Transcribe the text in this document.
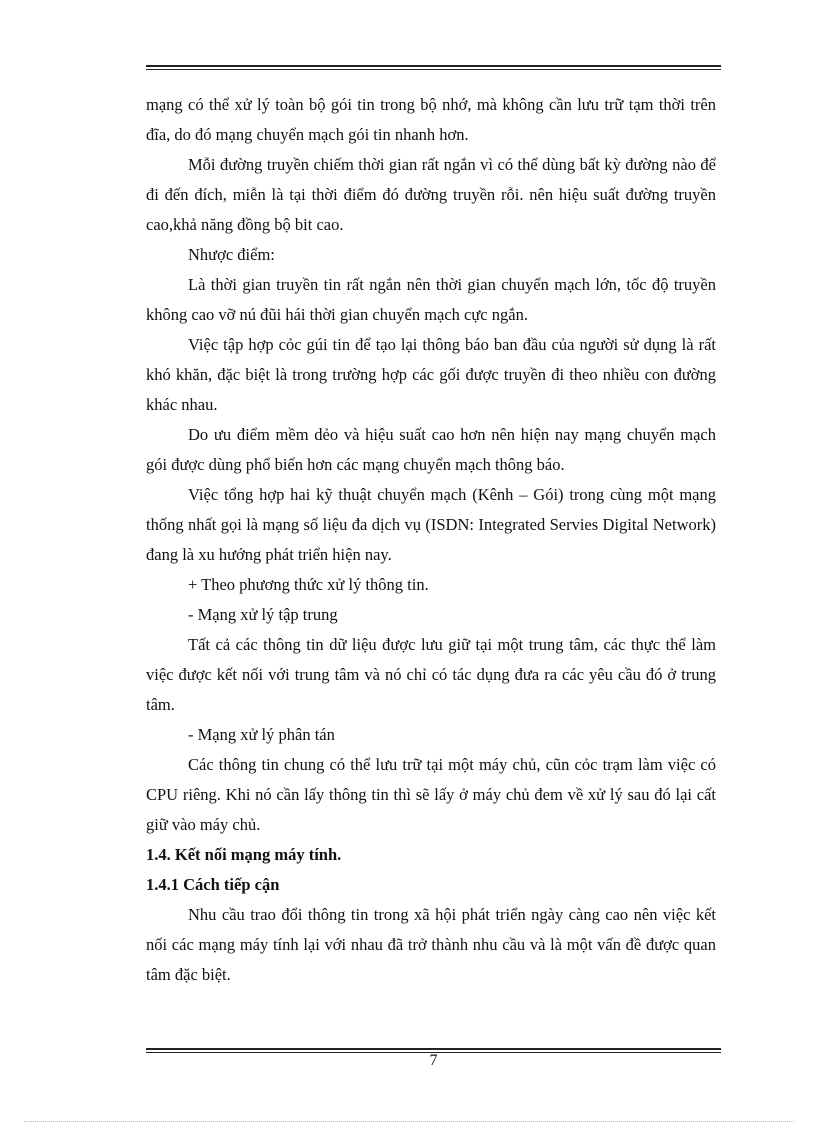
mạng có thể xử lý toàn bộ gói tin trong bộ nhớ, mà không cần lưu trữ tạm thời trên đĩa, do đó mạng chuyển mạch gói tin nhanh hơn.

Mỗi đường truyền chiếm thời gian rất ngắn vì có thể dùng bất kỳ đường nào để đi đến đích, miễn là tại thời điểm đó đường truyền rỗi. nên hiệu suất đường truyền cao,khả năng đồng bộ bit cao.

Nhược điểm:

Là thời gian truyền tin rất ngắn nên thời gian chuyển mạch lớn, tốc độ truyền không cao vỡ nú đũi hái thời gian chuyển mạch cực ngắn.

Việc tập hợp cỏc gúi tin để tạo lại thông báo ban đầu của người sử dụng là rất khó khăn, đặc biệt là trong trường hợp các gối được truyền đi theo nhiều con đường khác nhau.

Do ưu điểm mềm dẻo và hiệu suất cao hơn nên hiện nay mạng chuyển mạch gói được dùng phổ biến hơn các mạng chuyển mạch thông báo.

Việc tổng hợp hai kỹ thuật chuyển mạch (Kênh – Gói) trong cùng một mạng thống nhất gọi là mạng số liệu đa dịch vụ (ISDN: Integrated Servies Digital Network) đang là xu hướng phát triển hiện nay.

+ Theo phương thức xử lý thông tin.

- Mạng xử lý tập trung

Tất cả các thông tin dữ liệu được lưu giữ tại một trung tâm, các thực thể làm việc được kết nối với trung tâm và nó chỉ có tác dụng đưa ra các yêu cầu đó ở trung tâm.

- Mạng xử lý phân tán

Các thông tin chung có thể lưu trữ tại một máy chủ, cũn cỏc trạm làm việc có CPU riêng. Khi nó cần lấy thông tin thì sẽ lấy ở máy chủ đem về xử lý sau đó lại cất giữ vào máy chủ.

1.4. Kết nối mạng máy tính.

1.4.1 Cách tiếp cận

Nhu cầu trao đổi thông tin trong xã hội phát triển ngày càng cao nên việc kết nối các mạng máy tính lại với nhau đã trở thành nhu cầu và là một vấn đề được quan tâm đặc biệt.

7
